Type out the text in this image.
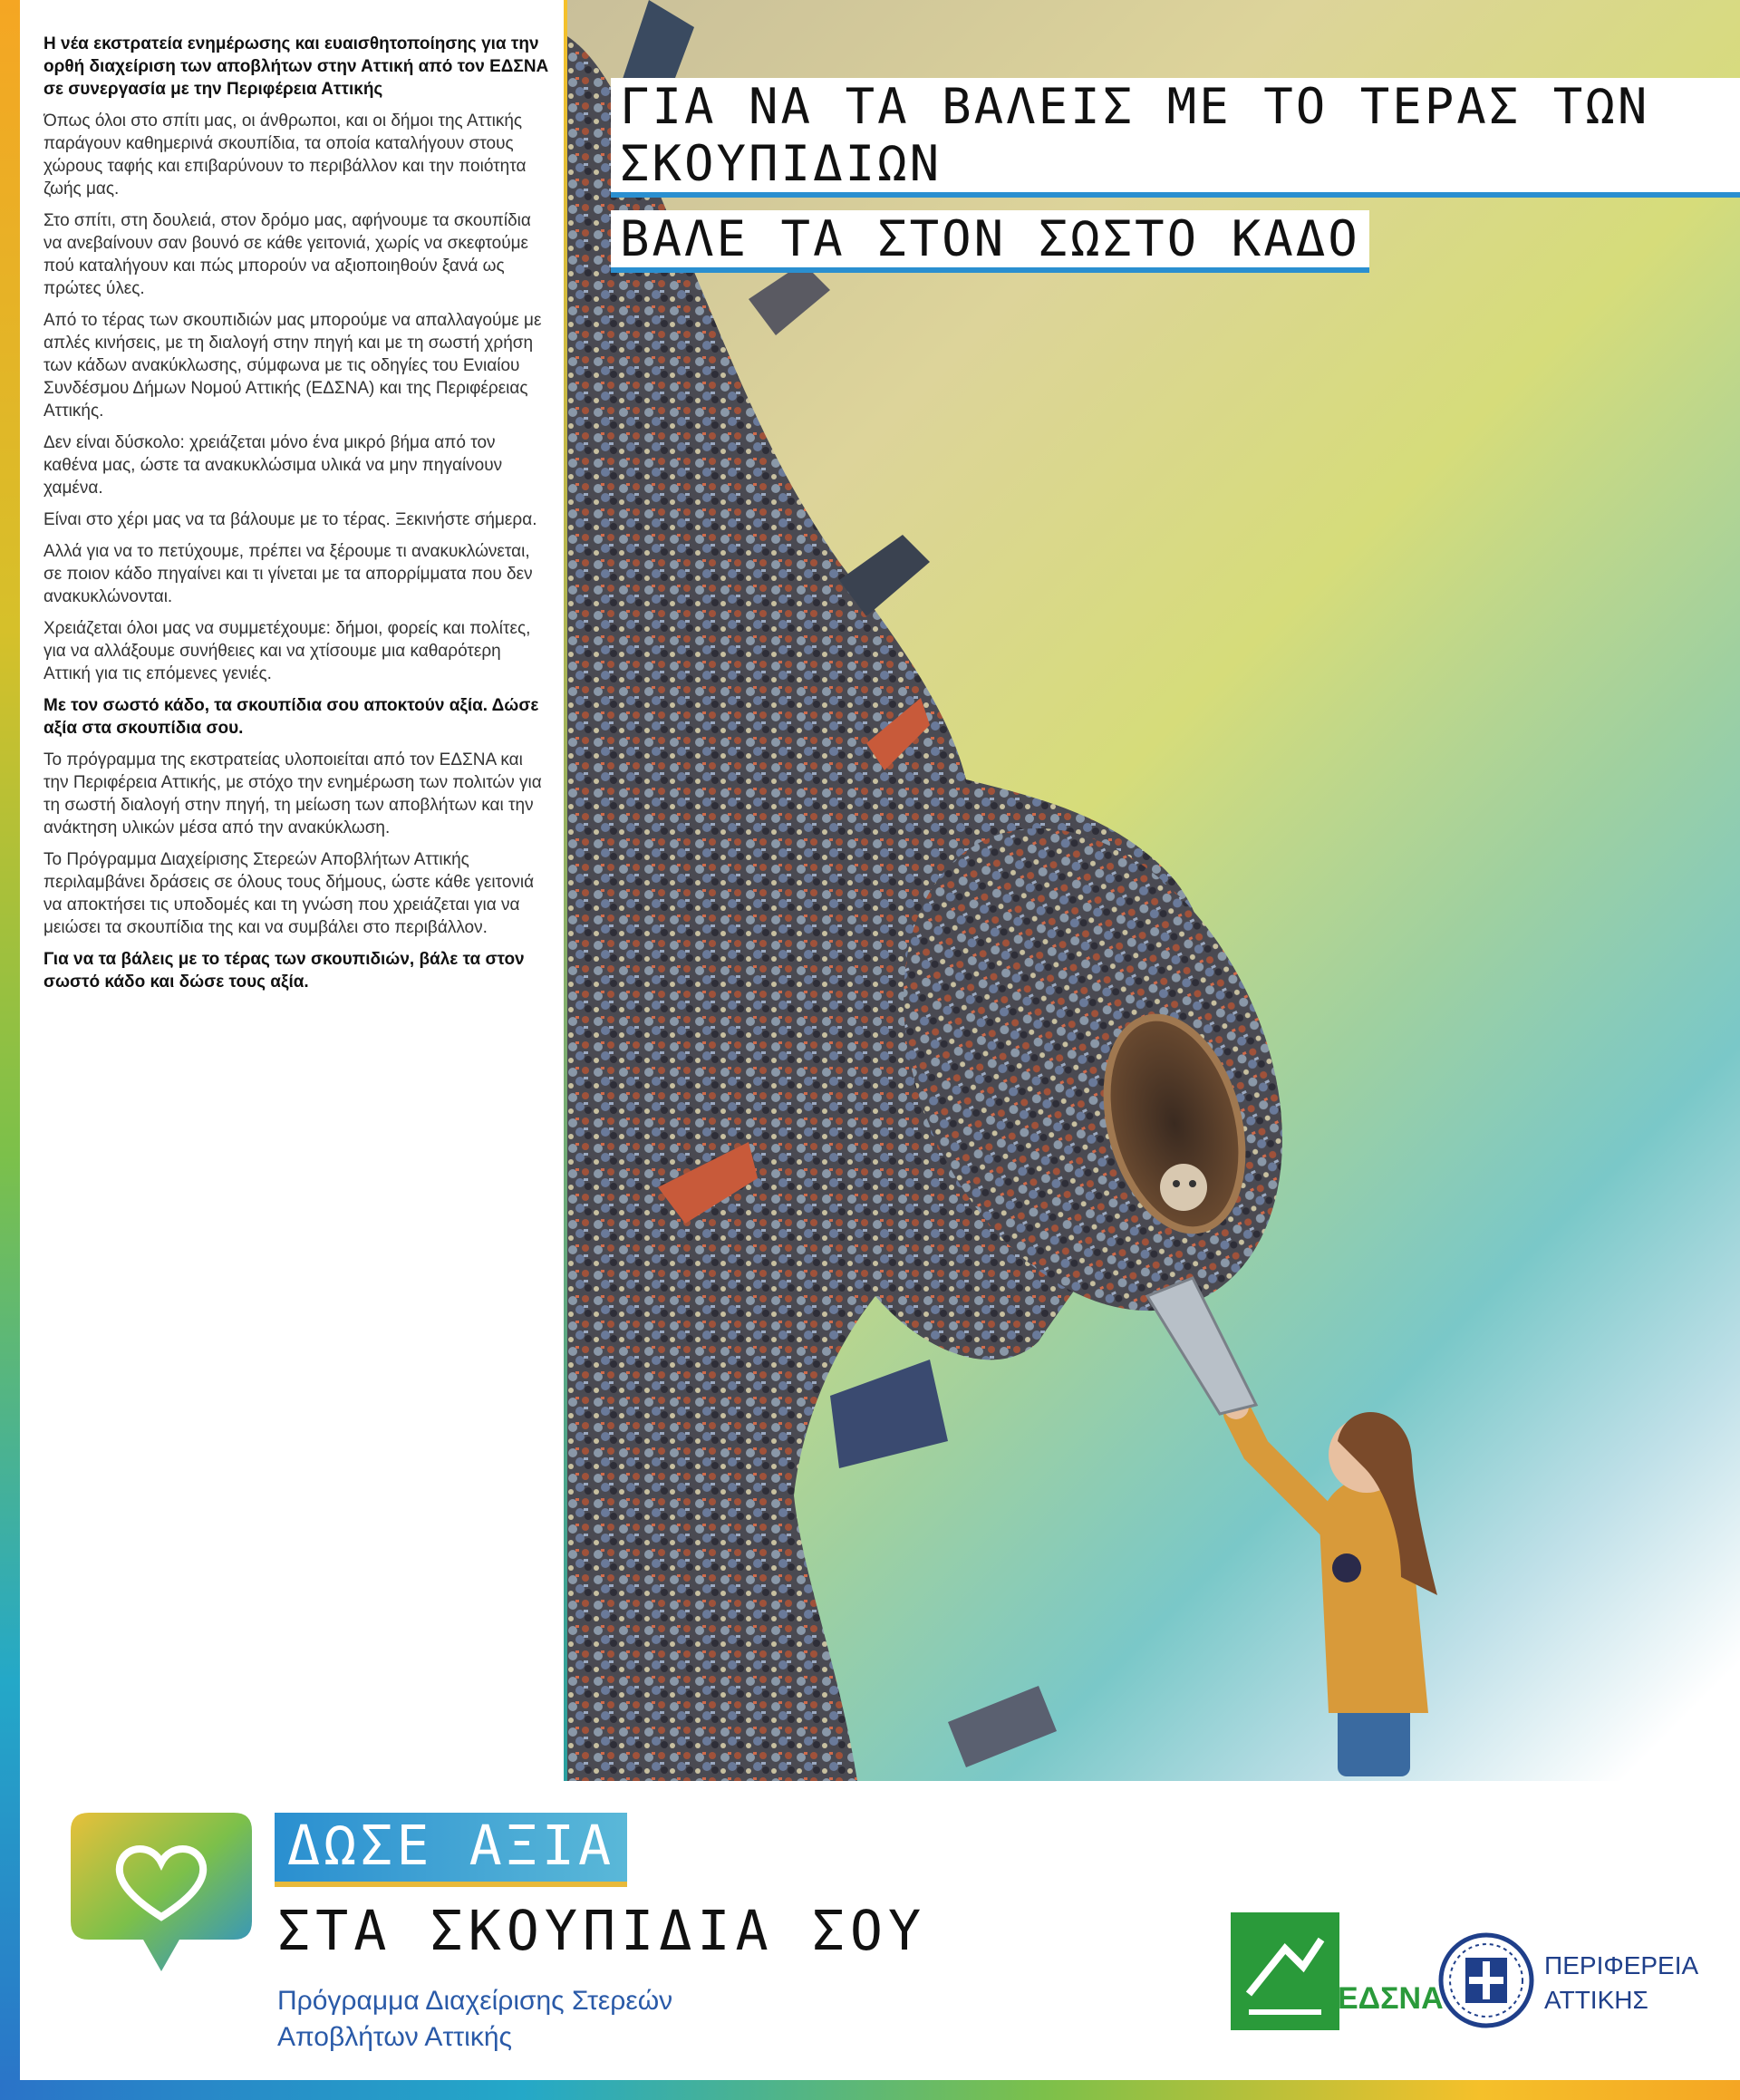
Η νέα εκστρατεία ενημέρωσης και ευαισθητοποίησης για την ορθή διαχείριση των αποβλήτων στην Αττική από τον ΕΔΣΝΑ σε συνεργασία με την Περιφέρεια Αττικής

Όπως όλοι στο σπίτι μας, οι άνθρωποι, και οι δήμοι της Αττικής παράγουν καθημερινά σκουπίδια, τα οποία καταλήγουν στους χώρους ταφής και επιβαρύνουν το περιβάλλον και την ποιότητα ζωής μας.

Στο σπίτι, στη δουλειά, στον δρόμο μας, αφήνουμε τα σκουπίδια να ανεβαίνουν σαν βουνό σε κάθε γειτονιά, χωρίς να σκεφτούμε πού καταλήγουν και πώς μπορούν να αξιοποιηθούν ξανά ως πρώτες ύλες.

Από το τέρας των σκουπιδιών μας μπορούμε να απαλλαγούμε με απλές κινήσεις, με τη διαλογή στην πηγή και με τη σωστή χρήση των κάδων ανακύκλωσης, σύμφωνα με τις οδηγίες του Ενιαίου Συνδέσμου Δήμων Νομού Αττικής (ΕΔΣΝΑ) και της Περιφέρειας Αττικής.

Δεν είναι δύσκολο: χρειάζεται μόνο ένα μικρό βήμα από τον καθένα μας, ώστε τα ανακυκλώσιμα υλικά να μην πηγαίνουν χαμένα.

Είναι στο χέρι μας να τα βάλουμε με το τέρας. Ξεκινήστε σήμερα.

Αλλά για να το πετύχουμε, πρέπει να ξέρουμε τι ανακυκλώνεται, σε ποιον κάδο πηγαίνει και τι γίνεται με τα απορρίμματα που δεν ανακυκλώνονται.

Χρειάζεται όλοι μας να συμμετέχουμε: δήμοι, φορείς και πολίτες, για να αλλάξουμε συνήθειες και να χτίσουμε μια καθαρότερη Αττική για τις επόμενες γενιές.

Με τον σωστό κάδο, τα σκουπίδια σου αποκτούν αξία. Δώσε αξία στα σκουπίδια σου.

Το πρόγραμμα της εκστρατείας υλοποιείται από τον ΕΔΣΝΑ και την Περιφέρεια Αττικής, με στόχο την ενημέρωση των πολιτών για τη σωστή διαλογή στην πηγή, τη μείωση των αποβλήτων και την ανάκτηση υλικών μέσα από την ανακύκλωση.

Το Πρόγραμμα Διαχείρισης Στερεών Αποβλήτων Αττικής περιλαμβάνει δράσεις σε όλους τους δήμους, ώστε κάθε γειτονιά να αποκτήσει τις υποδομές και τη γνώση που χρειάζεται για να μειώσει τα σκουπίδια της και να συμβάλει στο περιβάλλον.

Για να τα βάλεις με το τέρας των σκουπιδιών, βάλε τα στον σωστό κάδο και δώσε τους αξία.

ΓΙΑ ΝΑ ΤΑ ΒΑΛΕΙΣ ΜΕ ΤΟ ΤΕΡΑΣ ΤΩΝ ΣΚΟΥΠΙΔΙΩΝ
ΒΑΛΕ ΤΑ ΣΤΟΝ ΣΩΣΤΟ ΚΑΔΟ
ΔΩΣΕ ΑΞΙΑ
ΣΤΑ ΣΚΟΥΠΙΔΙΑ ΣΟΥ
Πρόγραμμα Διαχείρισης Στερεών Αποβλήτων Αττικής
ΕΔΣΝΑ
ΠΕΡΙΦΕΡΕΙΑ
ΑΤΤΙΚΗΣ
